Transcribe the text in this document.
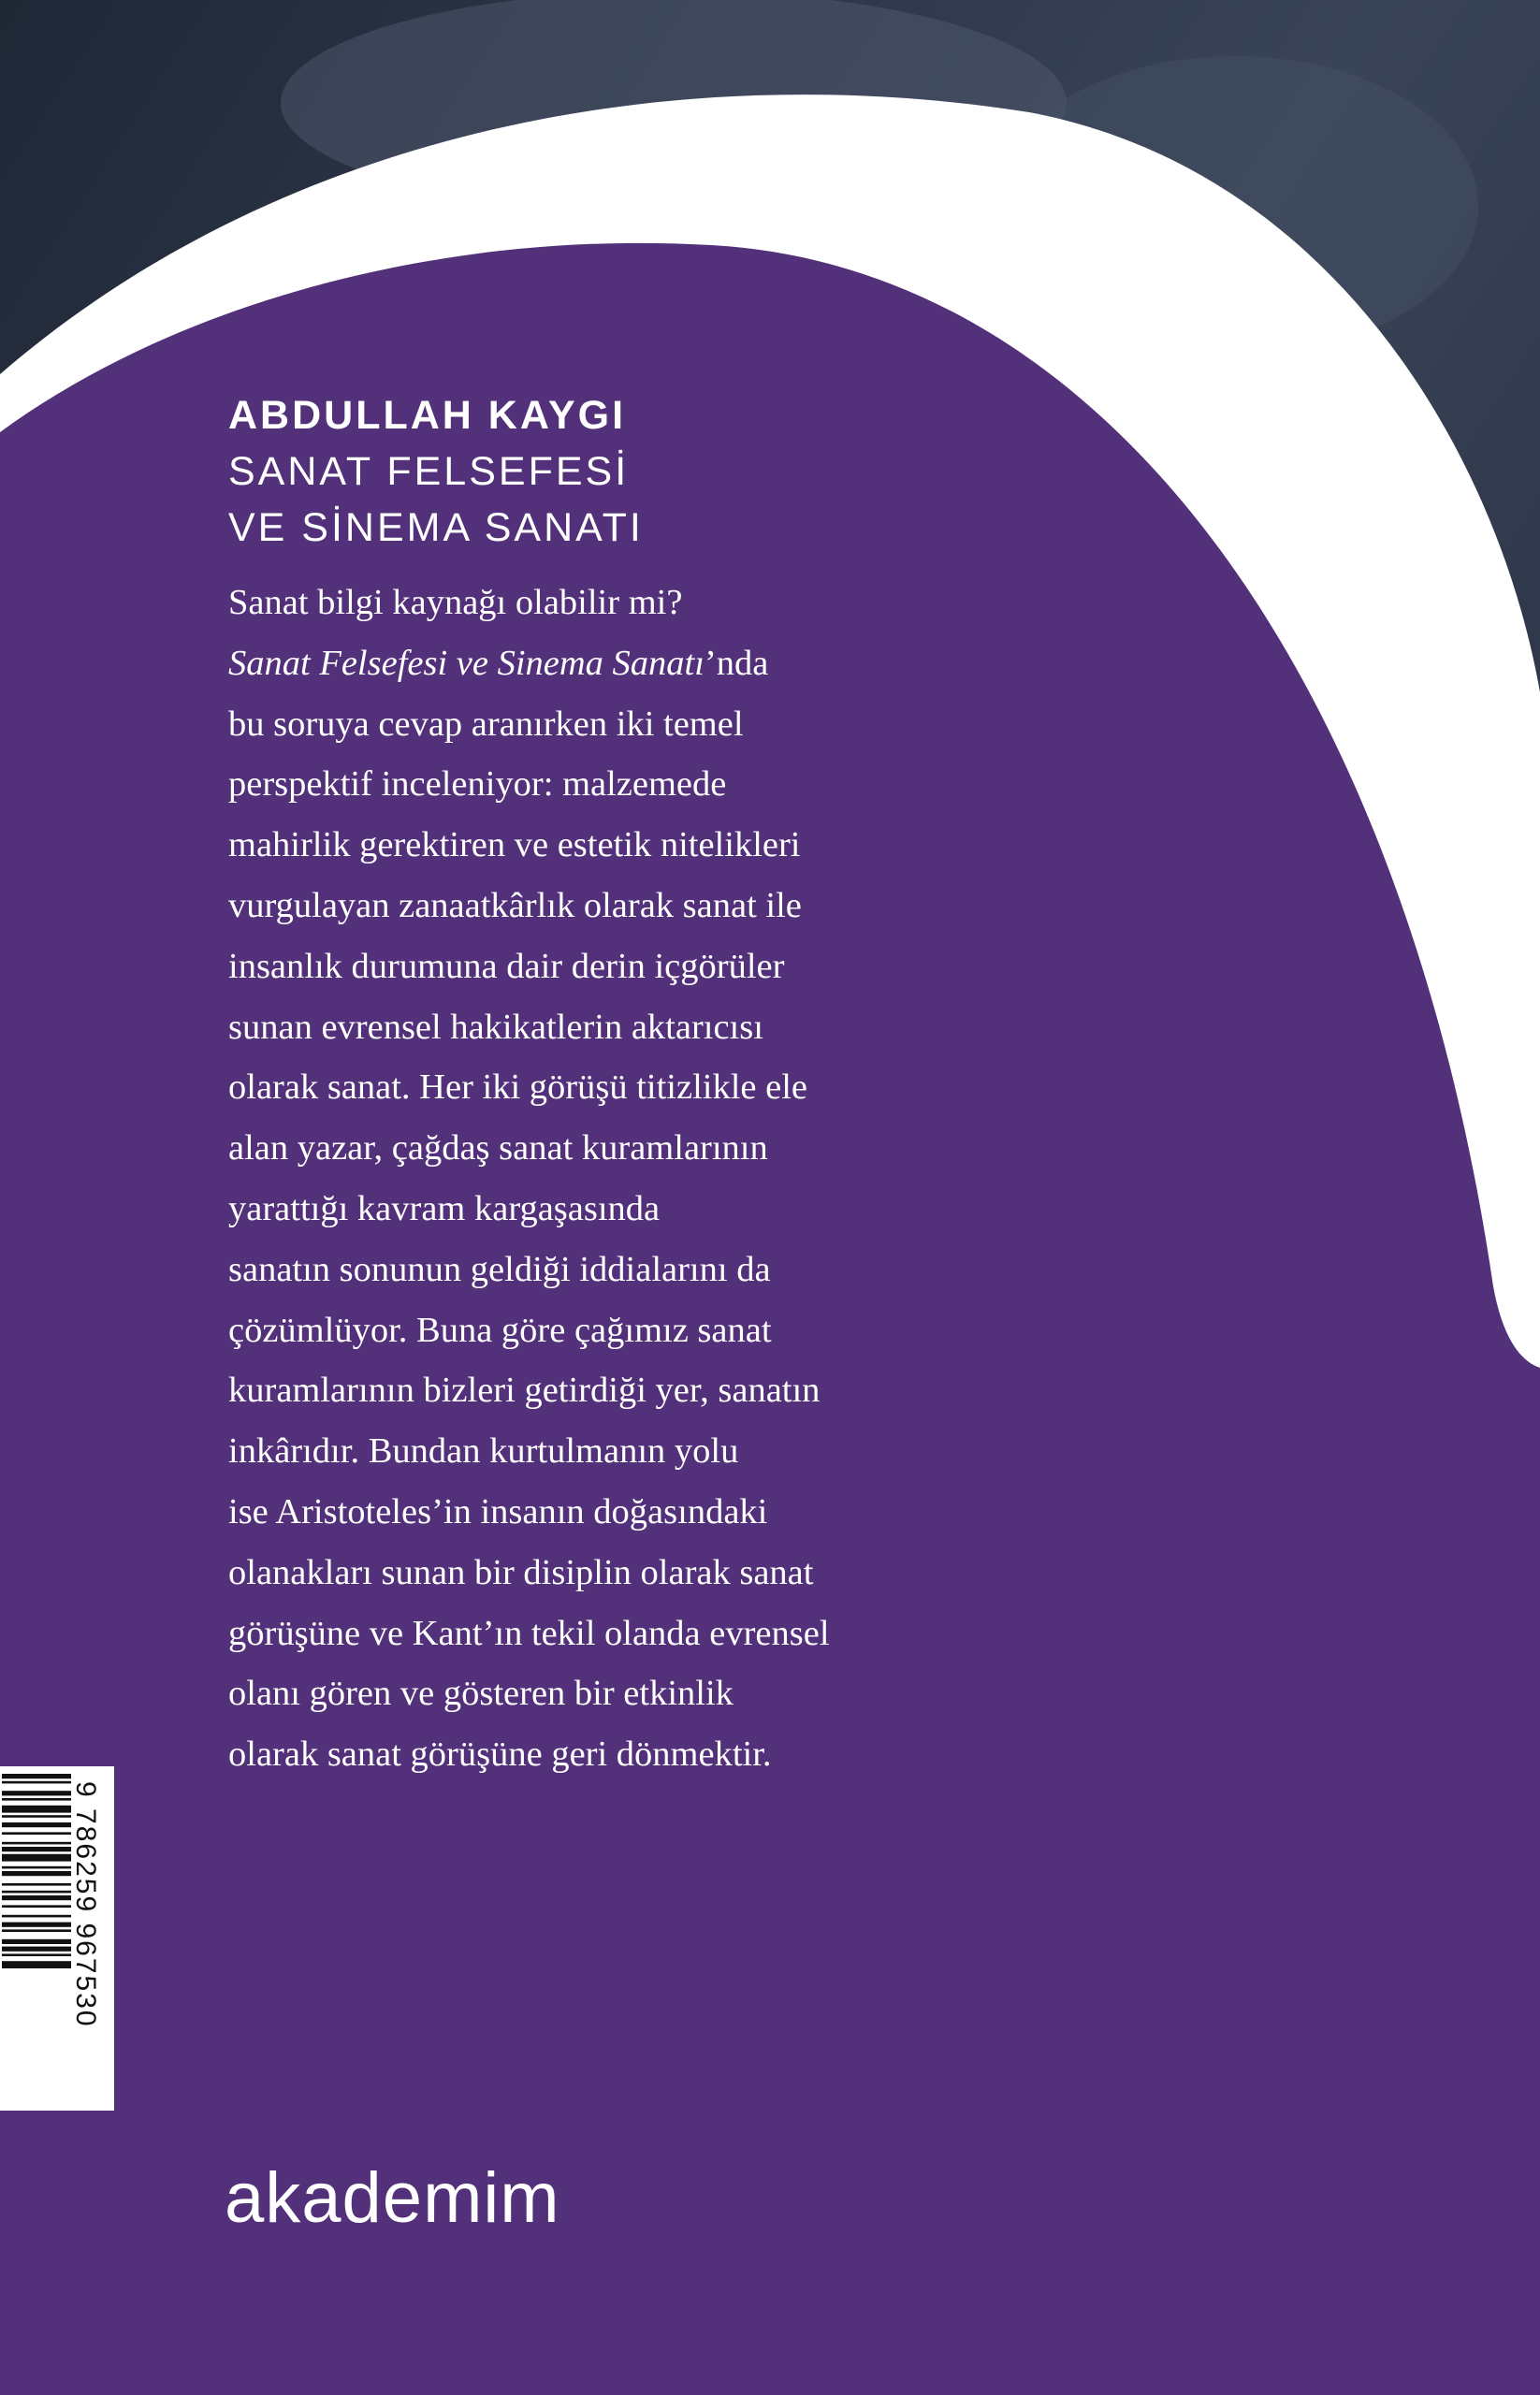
ABDULLAH KAYGI
SANAT FELSEFESİ
VE SİNEMA SANATI
Sanat bilgi kaynağı olabilir mi?
Sanat Felsefesi ve Sinema Sanatı’nda
bu soruya cevap aranırken iki temel
perspektif inceleniyor: malzemede
mahirlik gerektiren ve estetik nitelikleri
vurgulayan zanaatkârlık olarak sanat ile
insanlık durumuna dair derin içgörüler
sunan evrensel hakikatlerin aktarıcısı
olarak sanat. Her iki görüşü titizlikle ele
alan yazar, çağdaş sanat kuramlarının
yarattığı kavram kargaşasında
sanatın sonunun geldiği iddialarını da
çözümlüyor. Buna göre çağımız sanat
kuramlarının bizleri getirdiği yer, sanatın
inkârıdır. Bundan kurtulmanın yolu
ise Aristoteles’in insanın doğasındaki
olanakları sunan bir disiplin olarak sanat
görüşüne ve Kant’ın tekil olanda evrensel
olanı gören ve gösteren bir etkinlik
olarak sanat görüşüne geri dönmektir.
9 786259 967530
akademim
